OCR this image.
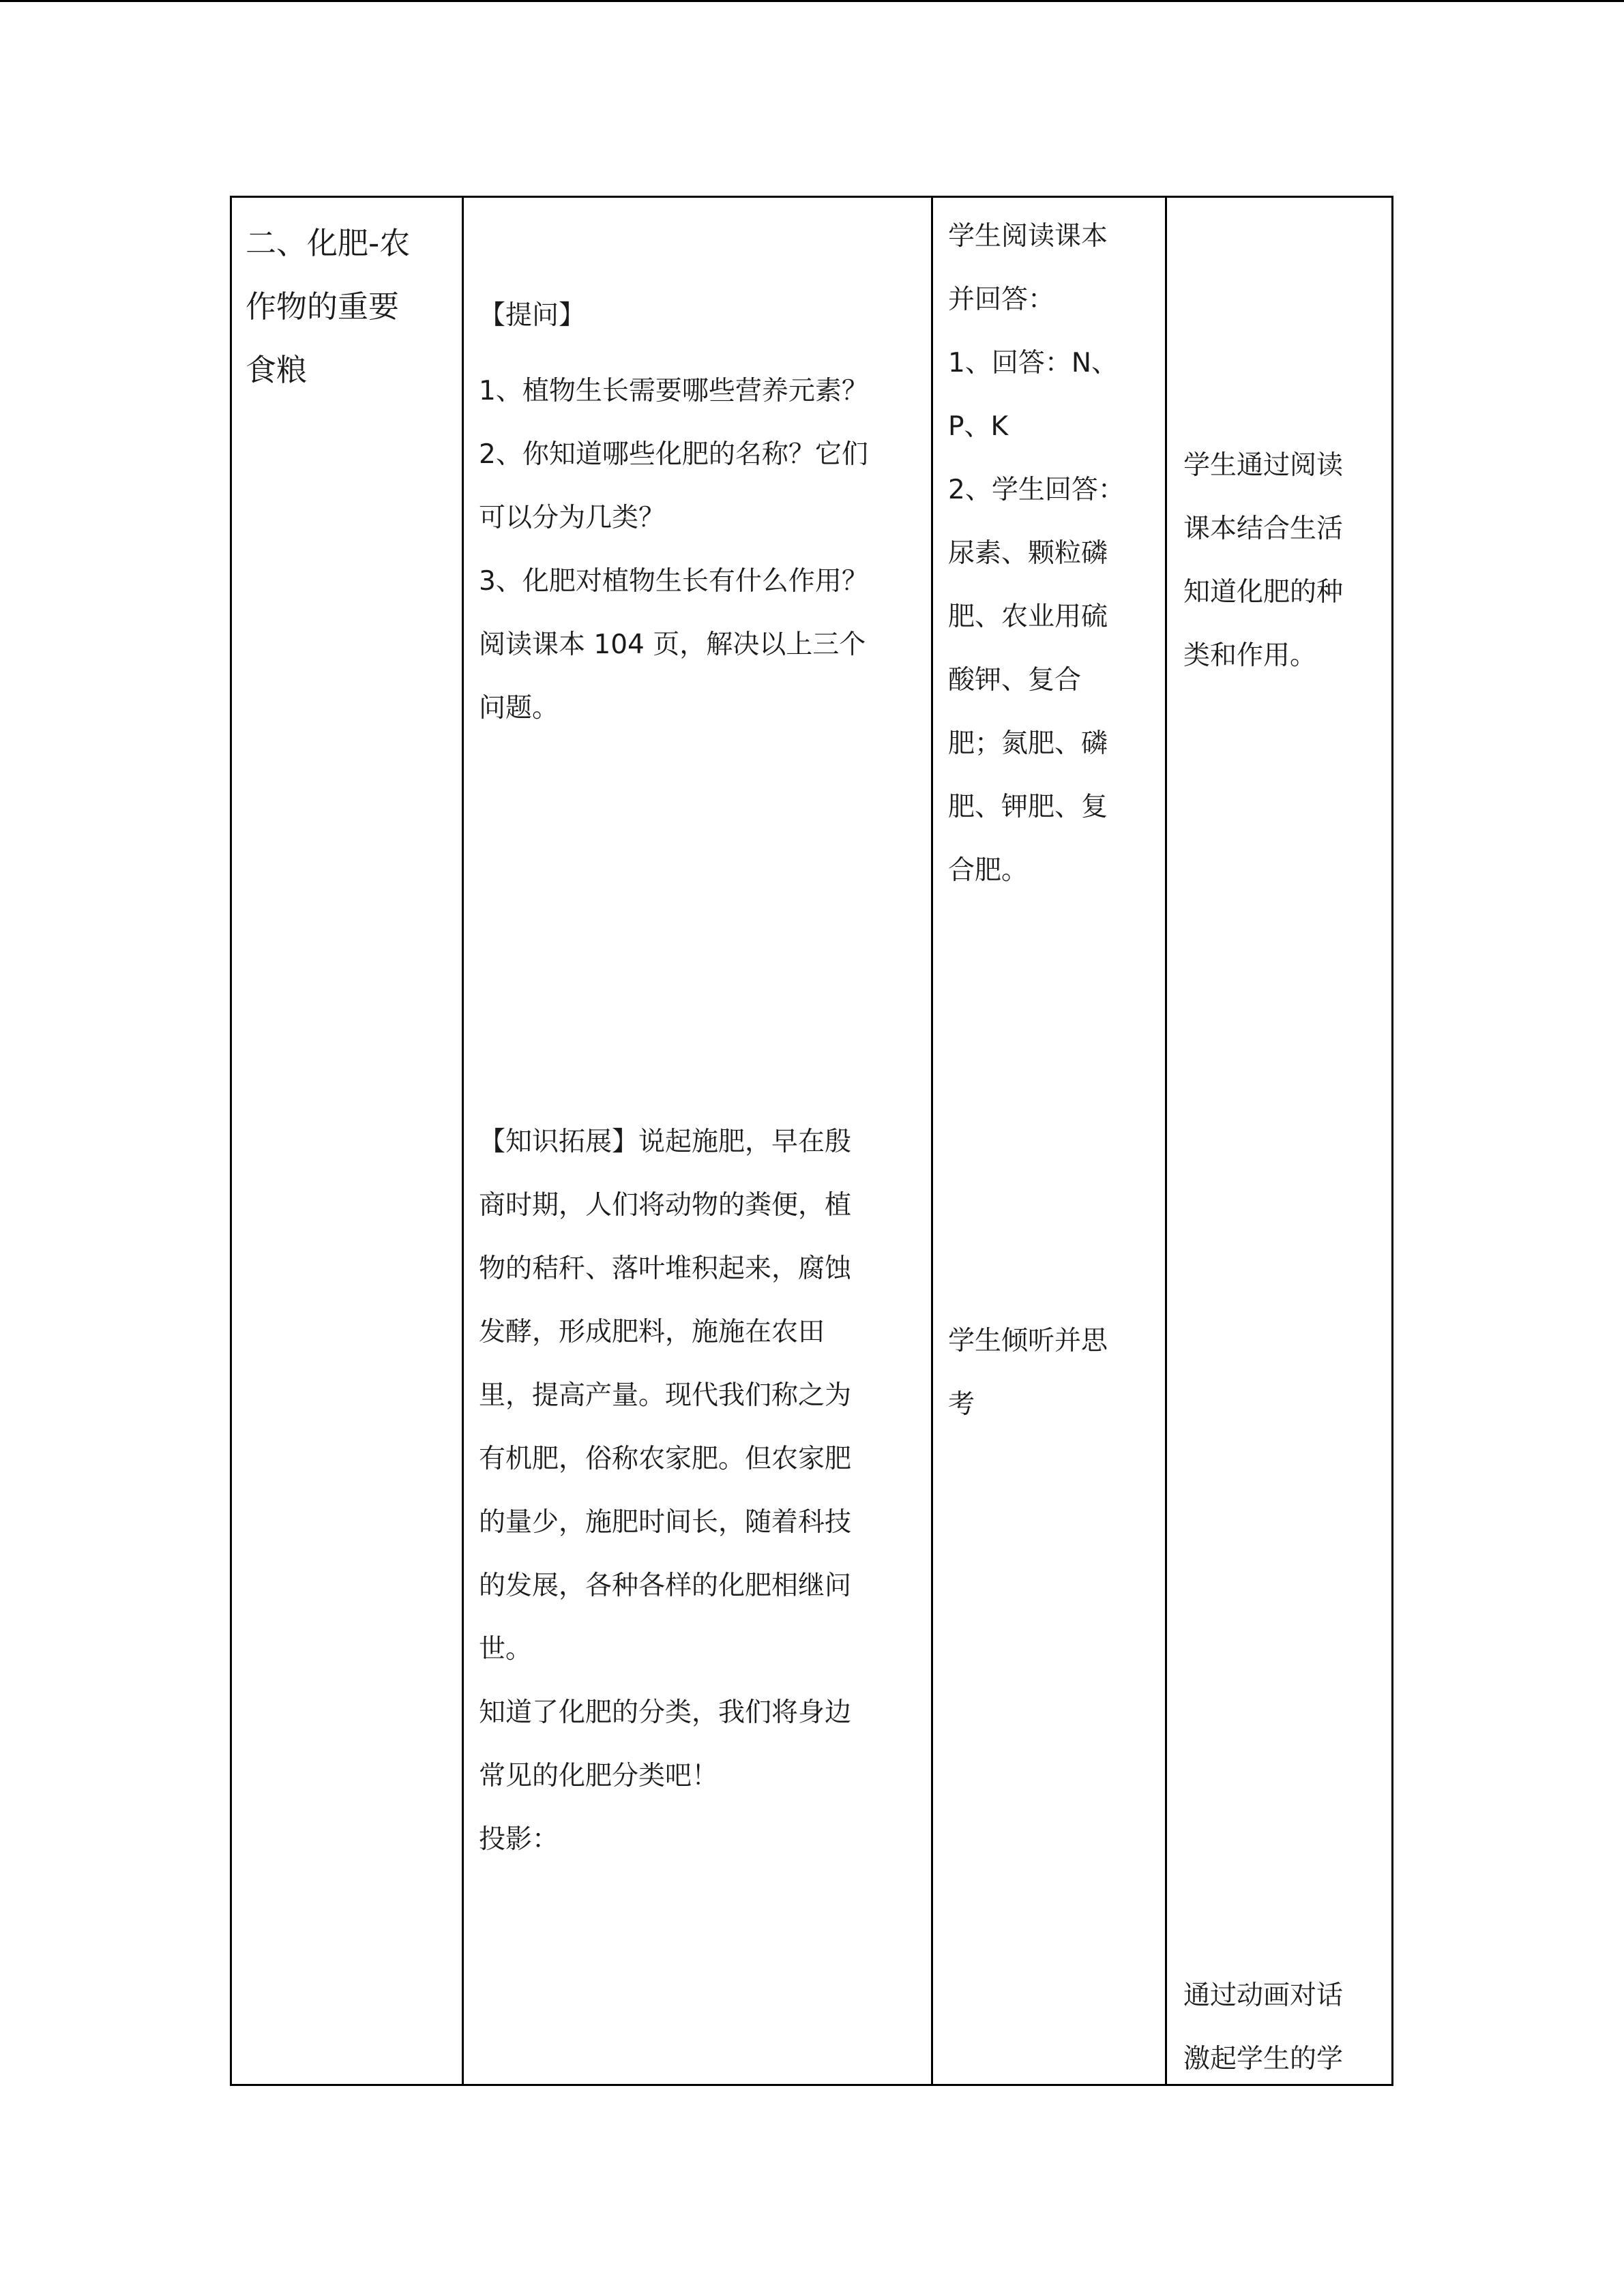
二、化肥-农
作物的重要
食粮

【提问】

1、植物生长需要哪些营养元素？

2、你知道哪些化肥的名称？它们
可以分为几类？

3、化肥对植物生长有什么作用？

阅读课本 104 页，解决以上三个
问题。

【知识拓展】说起施肥，早在殷
商时期，人们将动物的粪便，植
物的秸秆、落叶堆积起来，腐蚀
发酵，形成肥料，施施在农田
里，提高产量。现代我们称之为
有机肥，俗称农家肥。但农家肥
的量少，施肥时间长，随着科技
的发展，各种各样的化肥相继问
世。

知道了化肥的分类，我们将身边
常见的化肥分类吧！

投影：

学生阅读课本
并回答：

1、回答：N、
P、K

2、学生回答：
尿素、颗粒磷
肥、农业用硫
酸钾、复合
肥；氮肥、磷
肥、钾肥、复
合肥。

学生倾听并思
考

学生通过阅读
课本结合生活
知道化肥的种
类和作用。

通过动画对话
激起学生的学
